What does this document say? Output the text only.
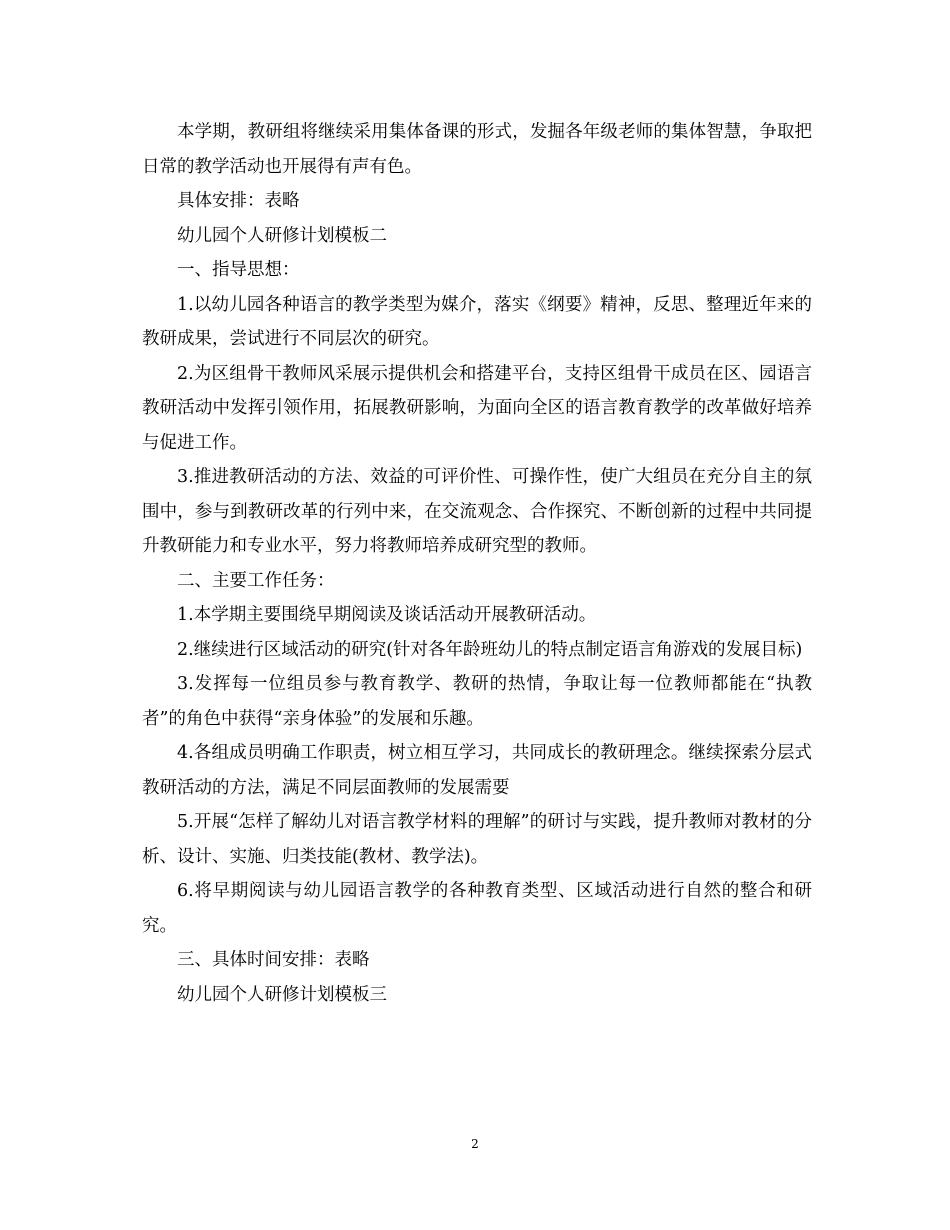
本学期，教研组将继续采用集体备课的形式，发掘各年级老师的集体智慧，争取把日常的教学活动也开展得有声有色。

具体安排：表略

幼儿园个人研修计划模板二

一、指导思想：

1.以幼儿园各种语言的教学类型为媒介，落实《纲要》精神，反思、整理近年来的教研成果，尝试进行不同层次的研究。

2.为区组骨干教师风采展示提供机会和搭建平台，支持区组骨干成员在区、园语言教研活动中发挥引领作用，拓展教研影响，为面向全区的语言教育教学的改革做好培养与促进工作。

3.推进教研活动的方法、效益的可评价性、可操作性，使广大组员在充分自主的氛围中，参与到教研改革的行列中来，在交流观念、合作探究、不断创新的过程中共同提升教研能力和专业水平，努力将教师培养成研究型的教师。

二、主要工作任务：

1.本学期主要围绕早期阅读及谈话活动开展教研活动。

2.继续进行区域活动的研究(针对各年龄班幼儿的特点制定语言角游戏的发展目标)

3.发挥每一位组员参与教育教学、教研的热情，争取让每一位教师都能在“执教者”的角色中获得“亲身体验”的发展和乐趣。

4.各组成员明确工作职责，树立相互学习，共同成长的教研理念。继续探索分层式教研活动的方法，满足不同层面教师的发展需要

5.开展“怎样了解幼儿对语言教学材料的理解”的研讨与实践，提升教师对教材的分析、设计、实施、归类技能(教材、教学法)。

6.将早期阅读与幼儿园语言教学的各种教育类型、区域活动进行自然的整合和研究。

三、具体时间安排：表略

幼儿园个人研修计划模板三

2
